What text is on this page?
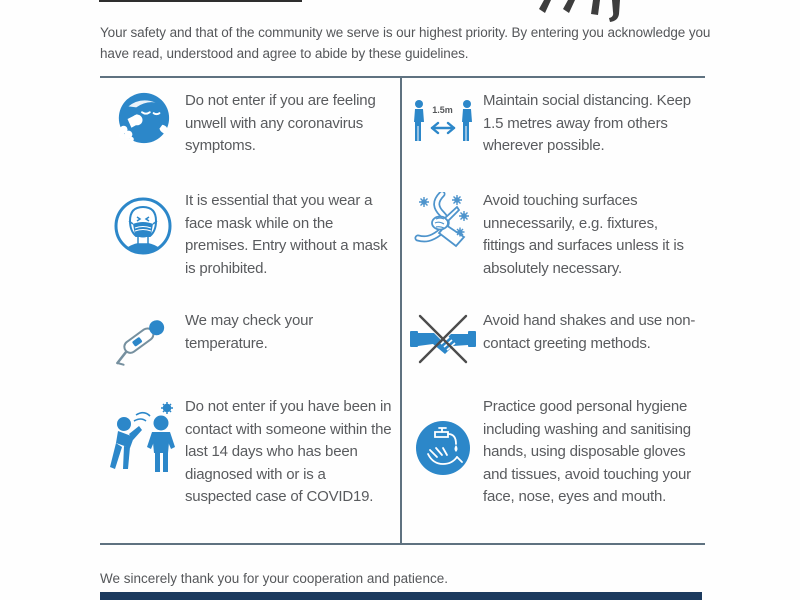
Your safety and that of the community we serve is our highest priority. By entering you acknowledge you have read, understood and agree to abide by these guidelines.
Do not enter if you are feeling unwell with any coronavirus symptoms.
It is essential that you wear a face mask while on the premises. Entry without a mask is prohibited.
We may check your temperature.
Do not enter if you have been in contact with someone within the last 14 days who has been diagnosed with or is a suspected case of COVID19.
1.5m
Maintain social distancing. Keep 1.5 metres away from others wherever possible.
Avoid touching surfaces unnecessarily, e.g. fixtures, fittings and surfaces unless it is absolutely necessary.
Avoid hand shakes and use non-contact greeting methods.
Practice good personal hygiene including washing and sanitising hands, using disposable gloves and tissues, avoid touching your face, nose, eyes and mouth.
We sincerely thank you for your cooperation and patience.
